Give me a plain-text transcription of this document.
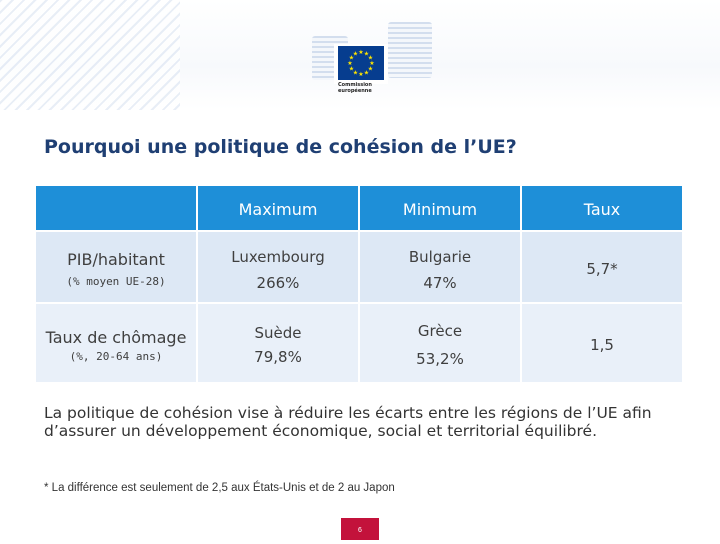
★ ★
★
★
★
★
★
★
★
★
★
★
Commission
européenne
Pourquoi une politique de cohésion de l’UE?
Maximum	Minimum	Taux
PIB/habitant
(% moyen UE-28)
Luxembourg
266%
Bulgarie
47%
5,7*
Taux de chômage
(%, 20-64 ans)
Suède
79,8%
Grèce
53,2%
1,5
La politique de cohésion vise à réduire les écarts entre les régions de l’UE afin d’assurer un développement économique, social et territorial équilibré.
* La différence est seulement de 2,5 aux États-Unis et de 2 au Japon
6
